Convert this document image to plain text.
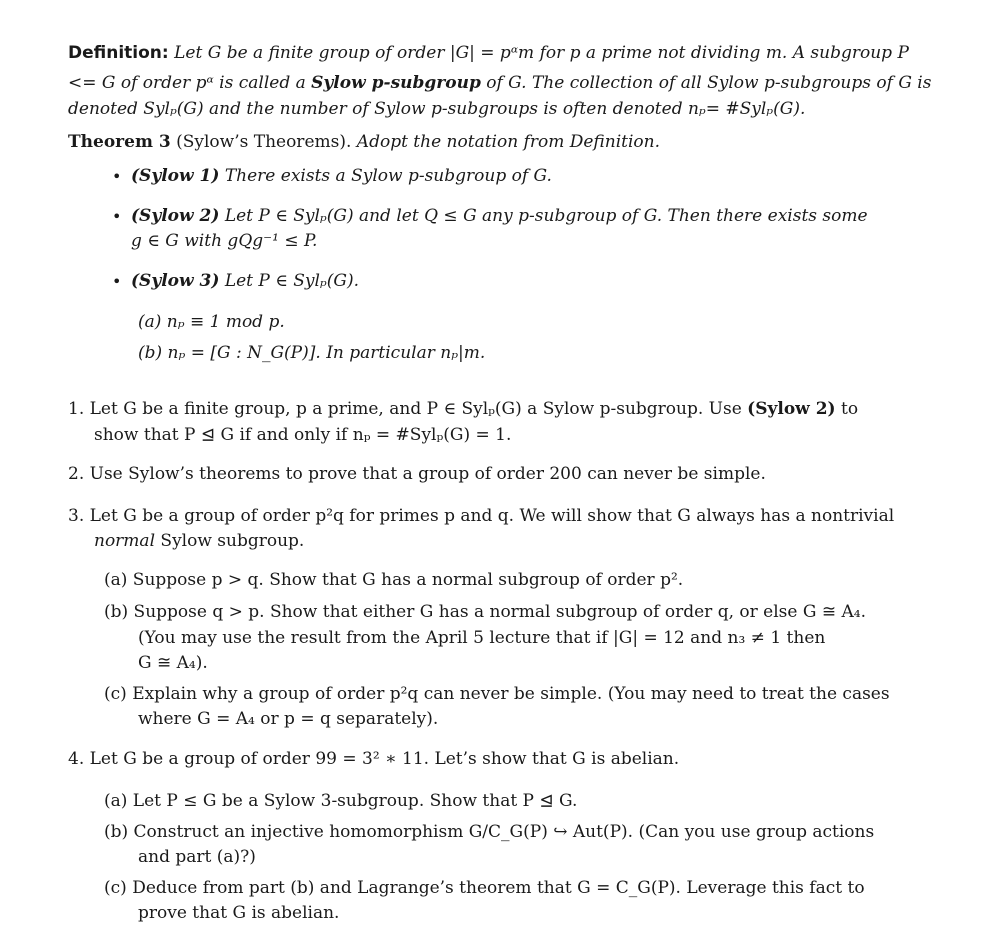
Definition: Let G be a finite group of order |G| = pᵅm for p a prime not dividing m. A subgroup P
<= G of order pᵅ is called a Sylow p-subgroup of G. The collection of all Sylow p-subgroups of G is
denoted Sylₚ(G) and the number of Sylow p-subgroups is often denoted nₚ= #Sylₚ(G).
Theorem 3 (Sylow’s Theorems). Adopt the notation from Definition.
• (Sylow 1) There exists a Sylow p-subgroup of G.
• (Sylow 2) Let P ∈ Sylₚ(G) and let Q ≤ G any p-subgroup of G. Then there exists some
g ∈ G with gQg⁻¹ ≤ P.
• (Sylow 3) Let P ∈ Sylₚ(G).
(a) nₚ ≡ 1 mod p.
(b) nₚ = [G : N_G(P)]. In particular nₚ|m.
1. Let G be a finite group, p a prime, and P ∈ Sylₚ(G) a Sylow p-subgroup. Use (Sylow 2) to
show that P ⊴ G if and only if nₚ = #Sylₚ(G) = 1.
2. Use Sylow’s theorems to prove that a group of order 200 can never be simple.
3. Let G be a group of order p²q for primes p and q. We will show that G always has a nontrivial
normal Sylow subgroup.
(a) Suppose p > q. Show that G has a normal subgroup of order p².
(b) Suppose q > p. Show that either G has a normal subgroup of order q, or else G ≅ A₄.
(You may use the result from the April 5 lecture that if |G| = 12 and n₃ ≠ 1 then
G ≅ A₄).
(c) Explain why a group of order p²q can never be simple. (You may need to treat the cases
where G = A₄ or p = q separately).
4. Let G be a group of order 99 = 3² ∗ 11. Let’s show that G is abelian.
(a) Let P ≤ G be a Sylow 3-subgroup. Show that P ⊴ G.
(b) Construct an injective homomorphism G/C_G(P) ↪ Aut(P). (Can you use group actions
and part (a)?)
(c) Deduce from part (b) and Lagrange’s theorem that G = C_G(P). Leverage this fact to
prove that G is abelian.
